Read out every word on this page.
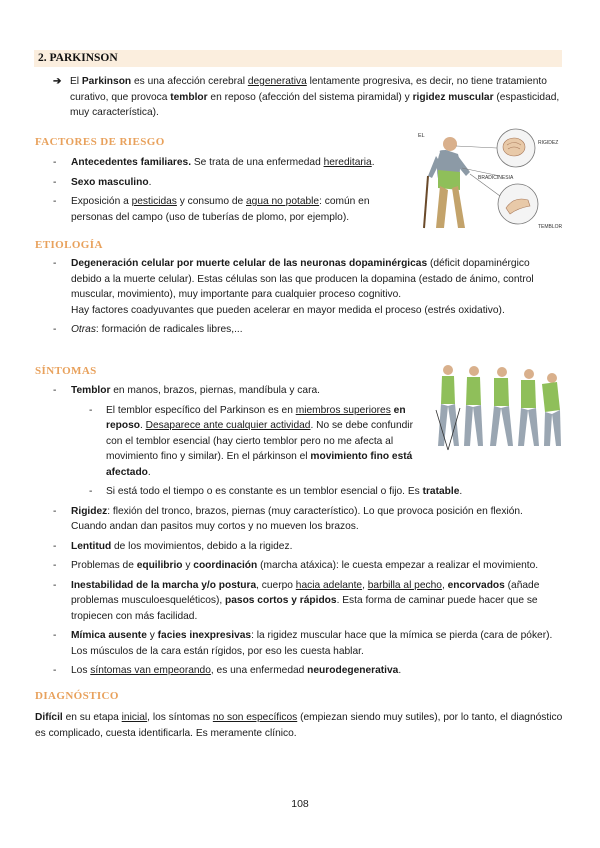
2. PARKINSON
➔ El Parkinson es una afección cerebral degenerativa lentamente progresiva, es decir, no tiene tratamiento curativo, que provoca temblor en reposo (afección del sistema piramidal) y rigidez muscular (espasticidad, muy característica).
FACTORES DE RIESGO
- Antecedentes familiares. Se trata de una enfermedad hereditaria.
- Sexo masculino.
- Exposición a pesticidas y consumo de agua no potable: común en personas del campo (uso de tuberías de plomo, por ejemplo).
EL
RIGIDEZ
BRADICINESIA
TEMBLOR
ETIOLOGÍA
- Degeneración celular por muerte celular de las neuronas dopaminérgicas (déficit dopaminérgico debido a la muerte celular). Estas células son las que producen la dopamina (estado de ánimo, control muscular, movimiento), muy importante para cualquier proceso cognitivo.
Hay factores coadyuvantes que pueden acelerar en mayor medida el proceso (estrés oxidativo).
- Otras: formación de radicales libres,...
SÍNTOMAS
- Temblor en manos, brazos, piernas, mandíbula y cara.
- El temblor específico del Parkinson es en miembros superiores en reposo. Desaparece ante cualquier actividad. No se debe confundir con el temblor esencial (hay cierto temblor pero no me afecta al movimiento fino y similar). En el párkinson el movimiento fino está afectado.
- Si está todo el tiempo o es constante es un temblor esencial o fijo. Es tratable.
- Rigidez: flexión del tronco, brazos, piernas (muy característico). Lo que provoca posición en flexión. Cuando andan dan pasitos muy cortos y no mueven los brazos.
- Lentitud de los movimientos, debido a la rigidez.
- Problemas de equilibrio y coordinación (marcha atáxica): le cuesta empezar a realizar el movimiento.
- Inestabilidad de la marcha y/o postura, cuerpo hacia adelante, barbilla al pecho, encorvados (añade problemas musculoesqueléticos), pasos cortos y rápidos. Esta forma de caminar puede hacer que se tropiecen con más facilidad.
- Mímica ausente y facies inexpresivas: la rigidez muscular hace que la mímica se pierda (cara de póker). Los músculos de la cara están rígidos, por eso les cuesta hablar.
- Los síntomas van empeorando, es una enfermedad neurodegenerativa.
DIAGNÓSTICO
Difícil en su etapa inicial, los síntomas no son específicos (empiezan siendo muy sutiles), por lo tanto, el diagnóstico es complicado, cuesta identificarla. Es meramente clínico.
108
